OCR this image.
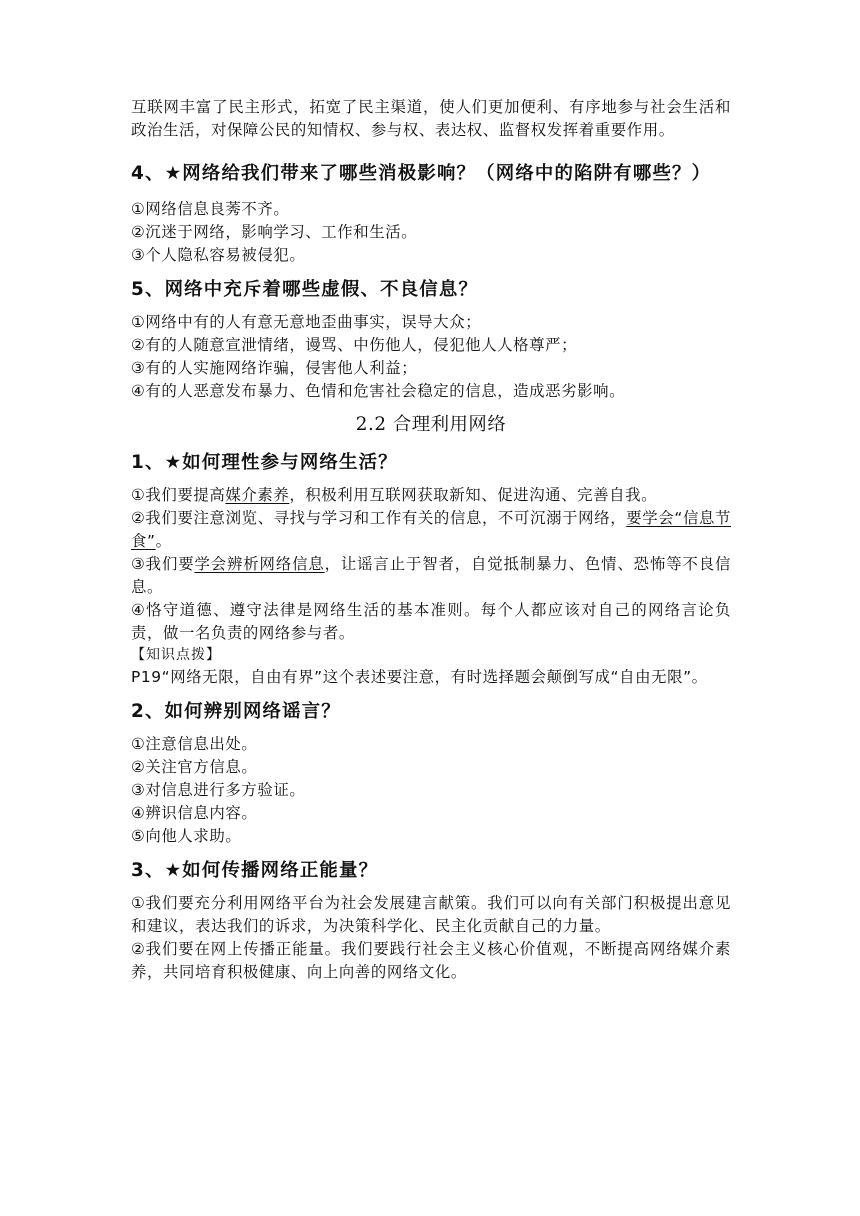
互联网丰富了民主形式，拓宽了民主渠道，使人们更加便利、有序地参与社会生活和政治生活，对保障公民的知情权、参与权、表达权、监督权发挥着重要作用。

4、★网络给我们带来了哪些消极影响？（网络中的陷阱有哪些？）

①网络信息良莠不齐。

②沉迷于网络，影响学习、工作和生活。

③个人隐私容易被侵犯。

5、网络中充斥着哪些虚假、不良信息？

①网络中有的人有意无意地歪曲事实，误导大众；

②有的人随意宣泄情绪，谩骂、中伤他人，侵犯他人人格尊严；

③有的人实施网络诈骗，侵害他人利益；

④有的人恶意发布暴力、色情和危害社会稳定的信息，造成恶劣影响。

2.2 合理利用网络
1、★如何理性参与网络生活？

①我们要提高媒介素养，积极利用互联网获取新知、促进沟通、完善自我。

②我们要注意浏览、寻找与学习和工作有关的信息，不可沉溺于网络，要学会“信息节食”。

③我们要学会辨析网络信息，让谣言止于智者，自觉抵制暴力、色情、恐怖等不良信息。

④恪守道德、遵守法律是网络生活的基本准则。每个人都应该对自己的网络言论负责，做一名负责的网络参与者。

【知识点拨】

P19“网络无限，自由有界”这个表述要注意，有时选择题会颠倒写成“自由无限”。

2、如何辨别网络谣言？

①注意信息出处。

②关注官方信息。

③对信息进行多方验证。

④辨识信息内容。

⑤向他人求助。

3、★如何传播网络正能量？

①我们要充分利用网络平台为社会发展建言献策。我们可以向有关部门积极提出意见和建议，表达我们的诉求，为决策科学化、民主化贡献自己的力量。

②我们要在网上传播正能量。我们要践行社会主义核心价值观，不断提高网络媒介素养，共同培育积极健康、向上向善的网络文化。
